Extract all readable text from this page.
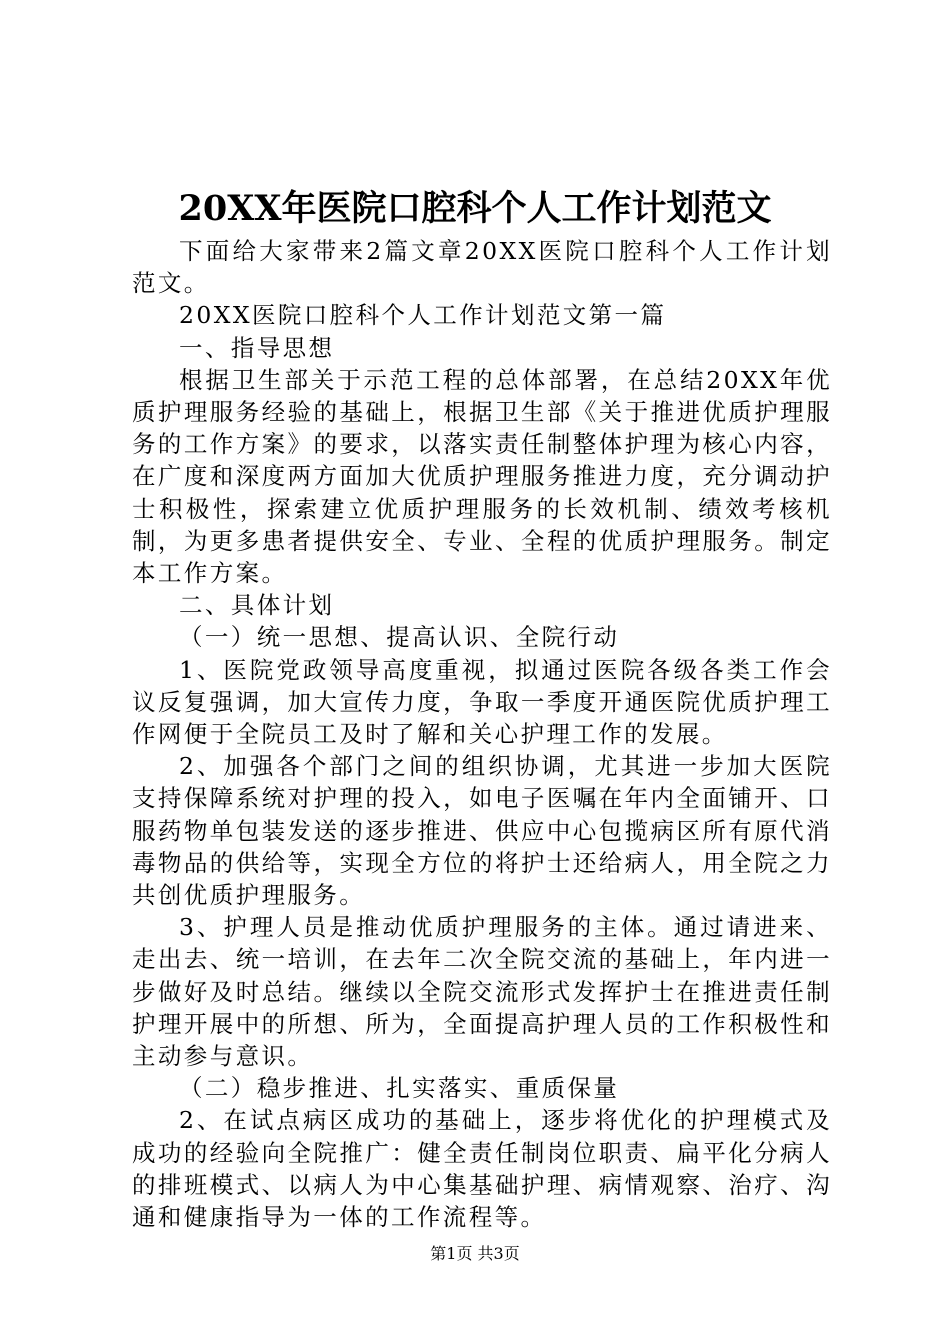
20XX年医院口腔科个人工作计划范文

下面给大家带来2篇文章20XX医院口腔科个人工作计划范文。

20XX医院口腔科个人工作计划范文第一篇

一、指导思想

根据卫生部关于示范工程的总体部署，在总结20XX年优质护理服务经验的基础上，根据卫生部《关于推进优质护理服务的工作方案》的要求，以落实责任制整体护理为核心内容，在广度和深度两方面加大优质护理服务推进力度，充分调动护士积极性，探索建立优质护理服务的长效机制、绩效考核机制，为更多患者提供安全、专业、全程的优质护理服务。制定本工作方案。

二、具体计划

（一）统一思想、提高认识、全院行动

1、医院党政领导高度重视，拟通过医院各级各类工作会议反复强调，加大宣传力度，争取一季度开通医院优质护理工作网便于全院员工及时了解和关心护理工作的发展。

2、加强各个部门之间的组织协调，尤其进一步加大医院支持保障系统对护理的投入，如电子医嘱在年内全面铺开、口服药物单包装发送的逐步推进、供应中心包揽病区所有原代消毒物品的供给等，实现全方位的将护士还给病人，用全院之力共创优质护理服务。

3、护理人员是推动优质护理服务的主体。通过请进来、走出去、统一培训，在去年二次全院交流的基础上，年内进一步做好及时总结。继续以全院交流形式发挥护士在推进责任制护理开展中的所想、所为，全面提高护理人员的工作积极性和主动参与意识。

（二）稳步推进、扎实落实、重质保量

2、在试点病区成功的基础上，逐步将优化的护理模式及成功的经验向全院推广：健全责任制岗位职责、扁平化分病人的排班模式、以病人为中心集基础护理、病情观察、治疗、沟通和健康指导为一体的工作流程等。

第1页 共3页
